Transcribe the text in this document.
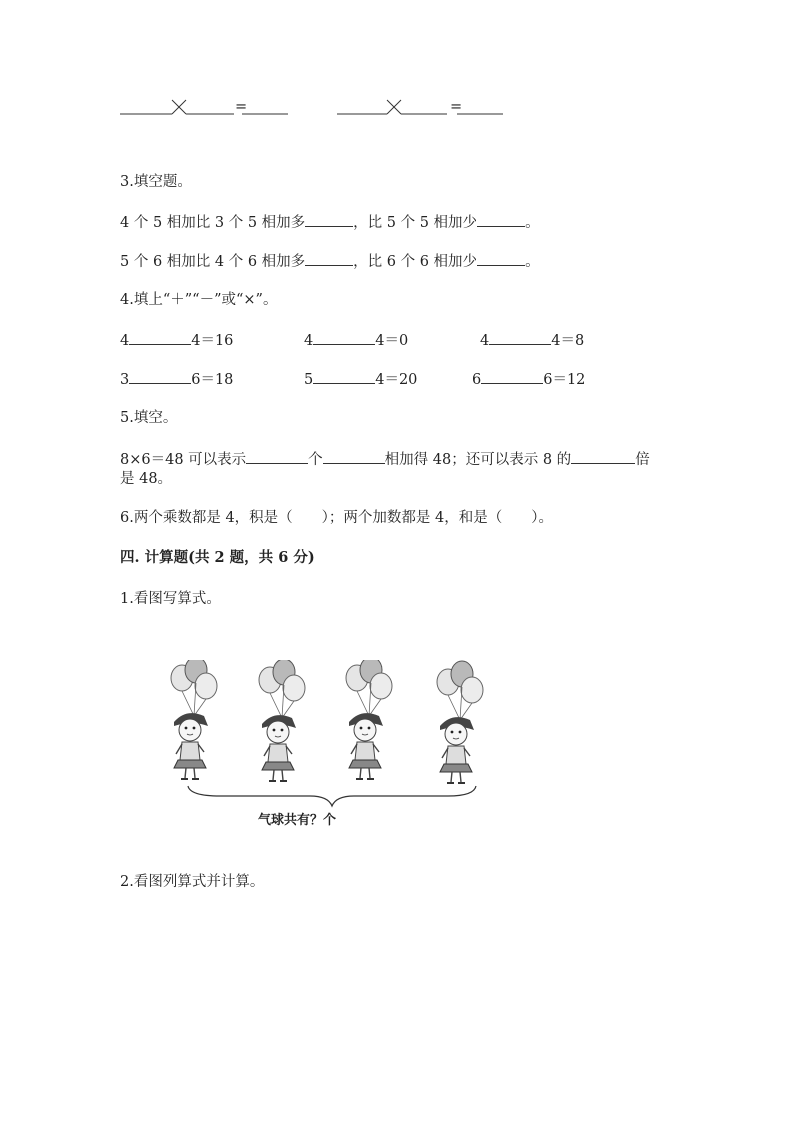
=	=
3.填空题。
4 个 5 相加比 3 个 5 相加多	，比 5 个 5 相加少	。
5 个 6 相加比 4 个 6 相加多	，比 6 个 6 相加少	。
4.填上“＋”“－”或“×”。
4	4＝16	4	4＝0	4	4＝8
3	6＝18	5	4＝20	6	6＝12
5.填空。
8×6＝48 可以表示	个	相加得 48；还可以表示 8 的	倍
是 48。
6.两个乘数都是 4，积是（　　）；两个加数都是 4，和是（　　）。
四. 计算题(共 2 题，共 6 分)
1.看图写算式。
气球共有？个
2.看图列算式并计算。
